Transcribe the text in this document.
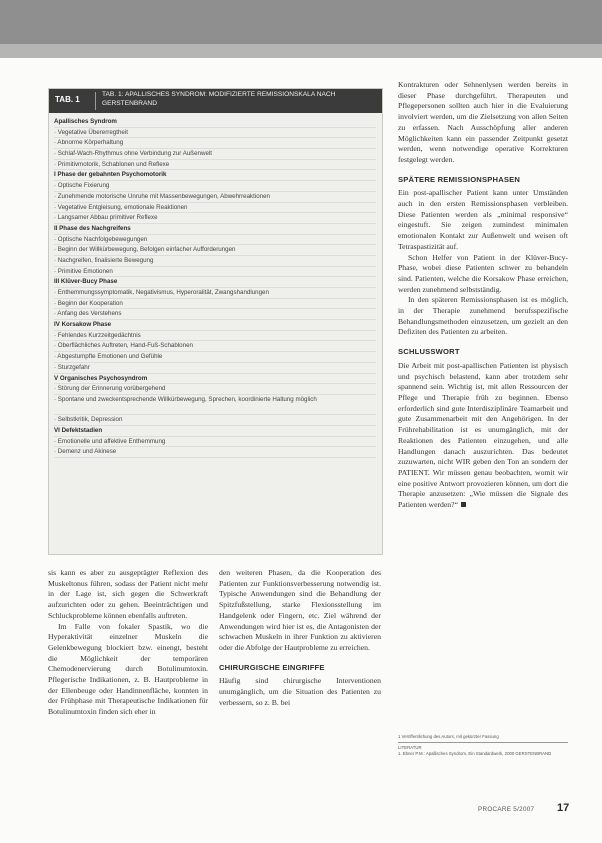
TAB. 1
TAB. 1: APALLISCHES SYNDROM: MODIFIZIERTE REMISSIONSKALA NACH GERSTENBRAND
Apallisches Syndrom
· Vegetative Übererregtheit
· Abnorme Körperhaltung
· Schlaf-Wach-Rhythmus ohne Verbindung zur Außenwelt
· Primitivmotorik, Schablonen und Reflexe
I Phase der gebahnten Psychomotorik
· Optische Fixierung
· Zunehmende motorische Unruhe mit Massenbewegungen, Abwehrreaktionen
· Vegetative Entgleisung, emotionale Reaktionen
· Langsamer Abbau primitiver Reflexe
II Phase des Nachgreifens
· Optische Nachfolgebewegungen
· Beginn der Willkürbewegung, Befolgen einfacher Aufforderungen
· Nachgreifen, finalisierte Bewegung
· Primitive Emotionen
III Klüver-Bucy Phase
· Enthemmungssymptomatik, Negativismus, Hyperoralität, Zwangshandlungen
· Beginn der Kooperation
· Anfang des Verstehens
IV Korsakow Phase
· Fehlendes Kurzzeitgedächtnis
· Oberflächliches Auftreten, Hand-Fuß-Schablonen
· Abgestumpfte Emotionen und Gefühle
· Sturzgefahr
V Organisches Psychosyndrom
· Störung der Erinnerung vorübergehend
· Spontane und zweckentsprechende Willkürbewegung, Sprechen, koordinierte Haltung möglich
· Selbstkritik, Depression
VI Defektstadien
· Emotionelle und affektive Enthemmung
· Demenz und Akinese

Kontrakturen oder Sehnenlysen werden bereits in dieser Phase durchgeführt. Therapeuten und Pflegepersonen sollten auch hier in die Evaluierung involviert werden, um die Zielsetzung von allen Seiten zu erfassen. Nach Ausschöpfung aller anderen Möglichkeiten kann ein passender Zeitpunkt gesetzt werden, wenn notwendige operative Korrekturen festgelegt werden.

SPÄTERE REMISSIONSPHASEN

Ein post-apallischer Patient kann unter Umständen auch in den ersten Remissionsphasen verbleiben. Diese Patienten werden als „minimal responsive“ eingestuft. Sie zeigen zumindest minimalen emotionalen Kontakt zur Außenwelt und weisen oft Tetraspastizität auf.

Schon Helfer von Patient in der Klüver-Bucy-Phase, wobei diese Patienten schwer zu behandeln sind. Patienten, welche die Korsakow Phase erreichen, werden zunehmend selbstständig.

In den späteren Remissionsphasen ist es möglich, in der Therapie zunehmend berufsspezifische Behandlungsmethoden einzusetzen, um gezielt an den Defiziten des Patienten zu arbeiten.

SCHLUSSWORT

Die Arbeit mit post-apallischen Patienten ist physisch und psychisch belastend, kann aber trotzdem sehr spannend sein. Wichtig ist, mit allen Ressourcen der Pflege und Therapie früh zu beginnen. Ebenso erforderlich sind gute Interdisziplinäre Teamarbeit und gute Zusammenarbeit mit den Angehörigen. In der Frührehabilitation ist es unumgänglich, mit der Reaktionen des Patienten einzugehen, und alle Handlungen danach auszurichten. Das bedeutet zuzuwarten, nicht WIR geben den Ton an sondern der PATIENT. Wir müssen genau beobachten, womit wir eine positive Antwort provozieren können, um dort die Therapie anzusetzen: „Wie müssen die Signale des Patienten werden?“

sis kann es aber zu ausgeprägter Reflexion des Muskeltonus führen, sodass der Patient nicht mehr in der Lage ist, sich gegen die Schwerkraft aufzurichten oder zu gehen. Beeinträchtigen und Schluckprobleme können ebenfalls auftreten.

Im Falle von fokaler Spastik, wo die Hyperaktivität einzelner Muskeln die Gelenkbewegung blockiert bzw. einengt, besteht die Möglichkeit der temporären Chemodenervierung durch Botulinumtoxin. Pflegerische Indikationen, z. B. Hautprobleme in der Ellenbeuge oder Handinnenfläche, konnten in der Frühphase mit Therapeutische Indikationen für Botulinumtoxin finden sich eher in

den weiteren Phasen, da die Kooperation des Patienten zur Funktionsverbesserung notwendig ist. Typische Anwendungen sind die Behandlung der Spitzfußstellung, starke Flexionsstellung im Handgelenk oder Fingern, etc. Ziel während der Anwendungen wird hier ist es, die Antagonisten der schwachen Muskeln in ihrer Funktion zu aktivieren oder die Abfolge der Hautprobleme zu erreichen.

CHIRURGISCHE EINGRIFFE

Häufig sind chirurgische Interventionen unumgänglich, um die Situation des Patienten zu verbessern, so z. B. bei

1 Veröffentlichung des Autors, mit gekürzter Fassung
LITERATUR
1. Ebner P.M.: Apallisches Syndrom, Ein Standardwerk, 2000 GERSTENBRAND
PROCARE 5/2007 17
